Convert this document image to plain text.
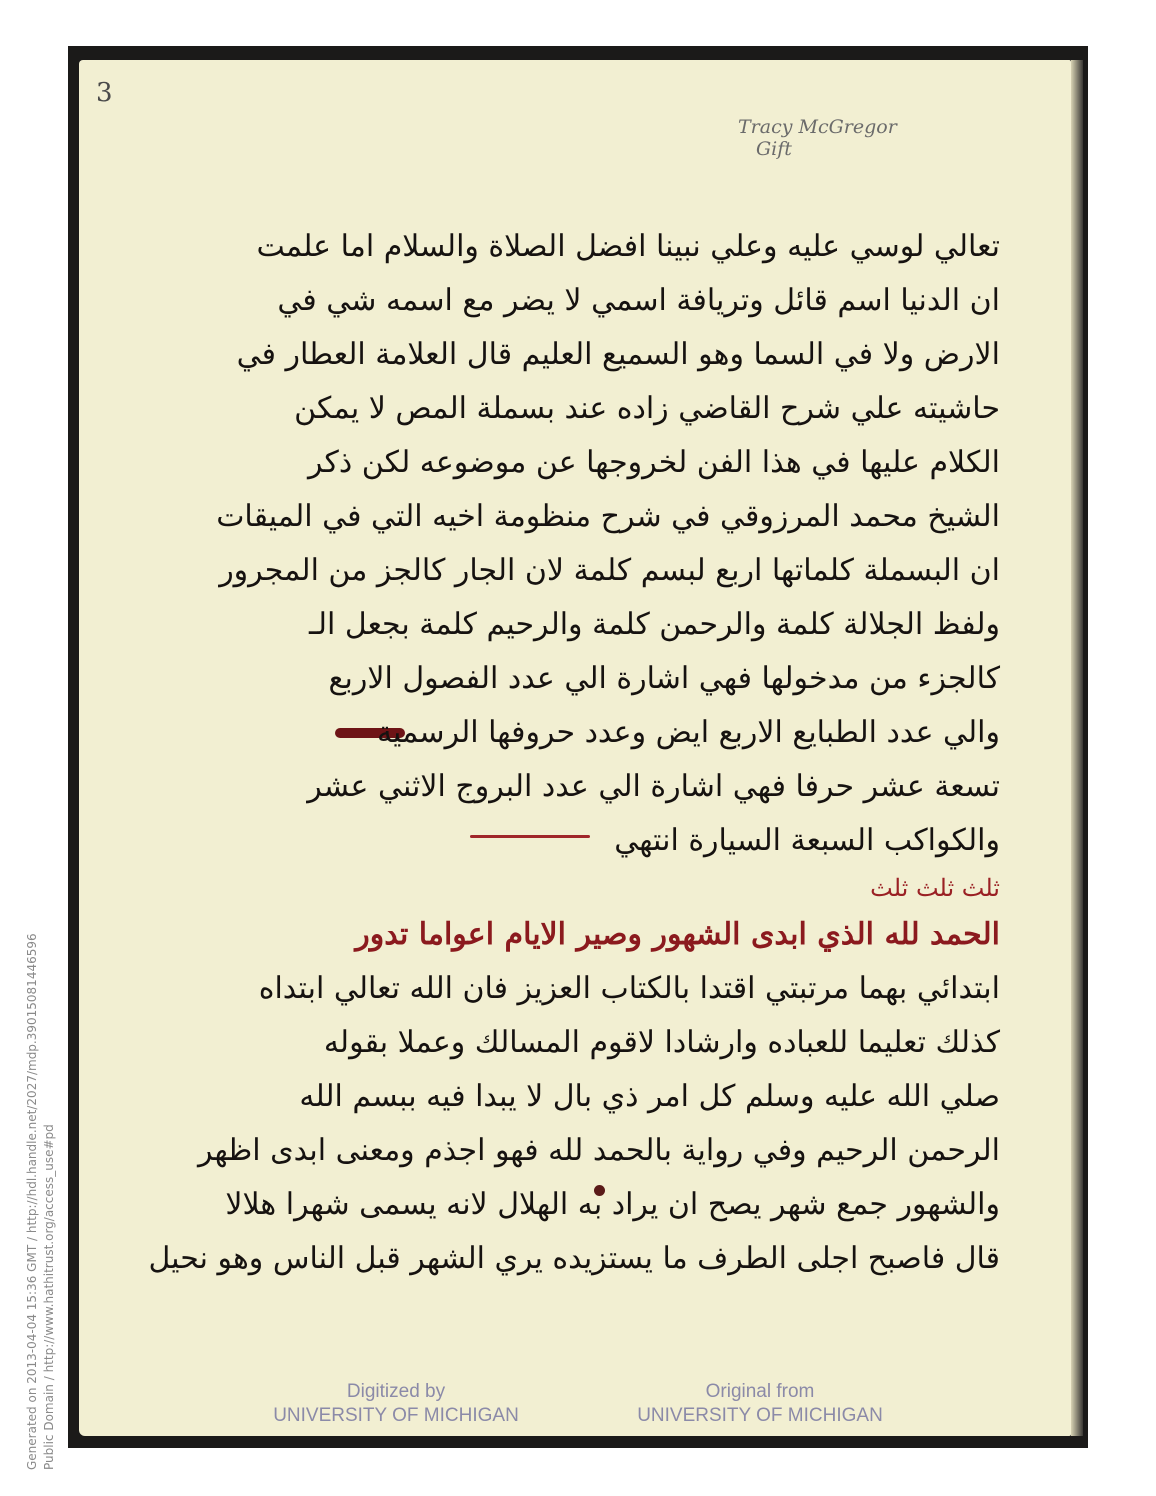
3
Tracy McGregor
Gift
تعالي لوسي عليه وعلي نبينا افضل الصلاة والسلام اما علمت
ان الدنيا اسم قائل وتريافة اسمي لا يضر مع اسمه شي في
الارض ولا في السما وهو السميع العليم قال العلامة العطار في
حاشيته علي شرح القاضي زاده عند بسملة المص لا يمكن
الكلام عليها في هذا الفن لخروجها عن موضوعه لكن ذكر
الشيخ محمد المرزوقي في شرح منظومة اخيه التي في الميقات
ان البسملة كلماتها اربع لبسم كلمة لان الجار كالجز من المجرور
ولفظ الجلالة كلمة والرحمن كلمة والرحيم كلمة بجعل الـ
كالجزء من مدخولها فهي اشارة الي عدد الفصول الاربع
والي عدد الطبايع الاربع ايض وعدد حروفها الرسمية
تسعة عشر حرفا فهي اشارة الي عدد البروج الاثني عشر
والكواكب السبعة السيارة انتهي
ثلث ثلث ثلث
الحمد لله الذي ابدى الشهور وصير الايام اعواما تدور
ابتدائي بهما مرتبتي اقتدا بالكتاب العزيز فان الله تعالي ابتداه
كذلك تعليما للعباده وارشادا لاقوم المسالك وعملا بقوله
صلي الله عليه وسلم كل امر ذي بال لا يبدا فيه ببسم الله
الرحمن الرحيم وفي رواية بالحمد لله فهو اجذم ومعنى ابدى اظهر
والشهور جمع شهر يصح ان يراد به الهلال لانه يسمى شهرا هلالا
قال فاصبح اجلى الطرف ما يستزيده يري الشهر قبل الناس وهو نحيل
Digitized by
UNIVERSITY OF MICHIGAN
Original from
UNIVERSITY OF MICHIGAN
Generated on 2013-04-04 15:36 GMT / http://hdl.handle.net/2027/mdp.39015081446596 Public Domain / http://www.hathitrust.org/access_use#pd
